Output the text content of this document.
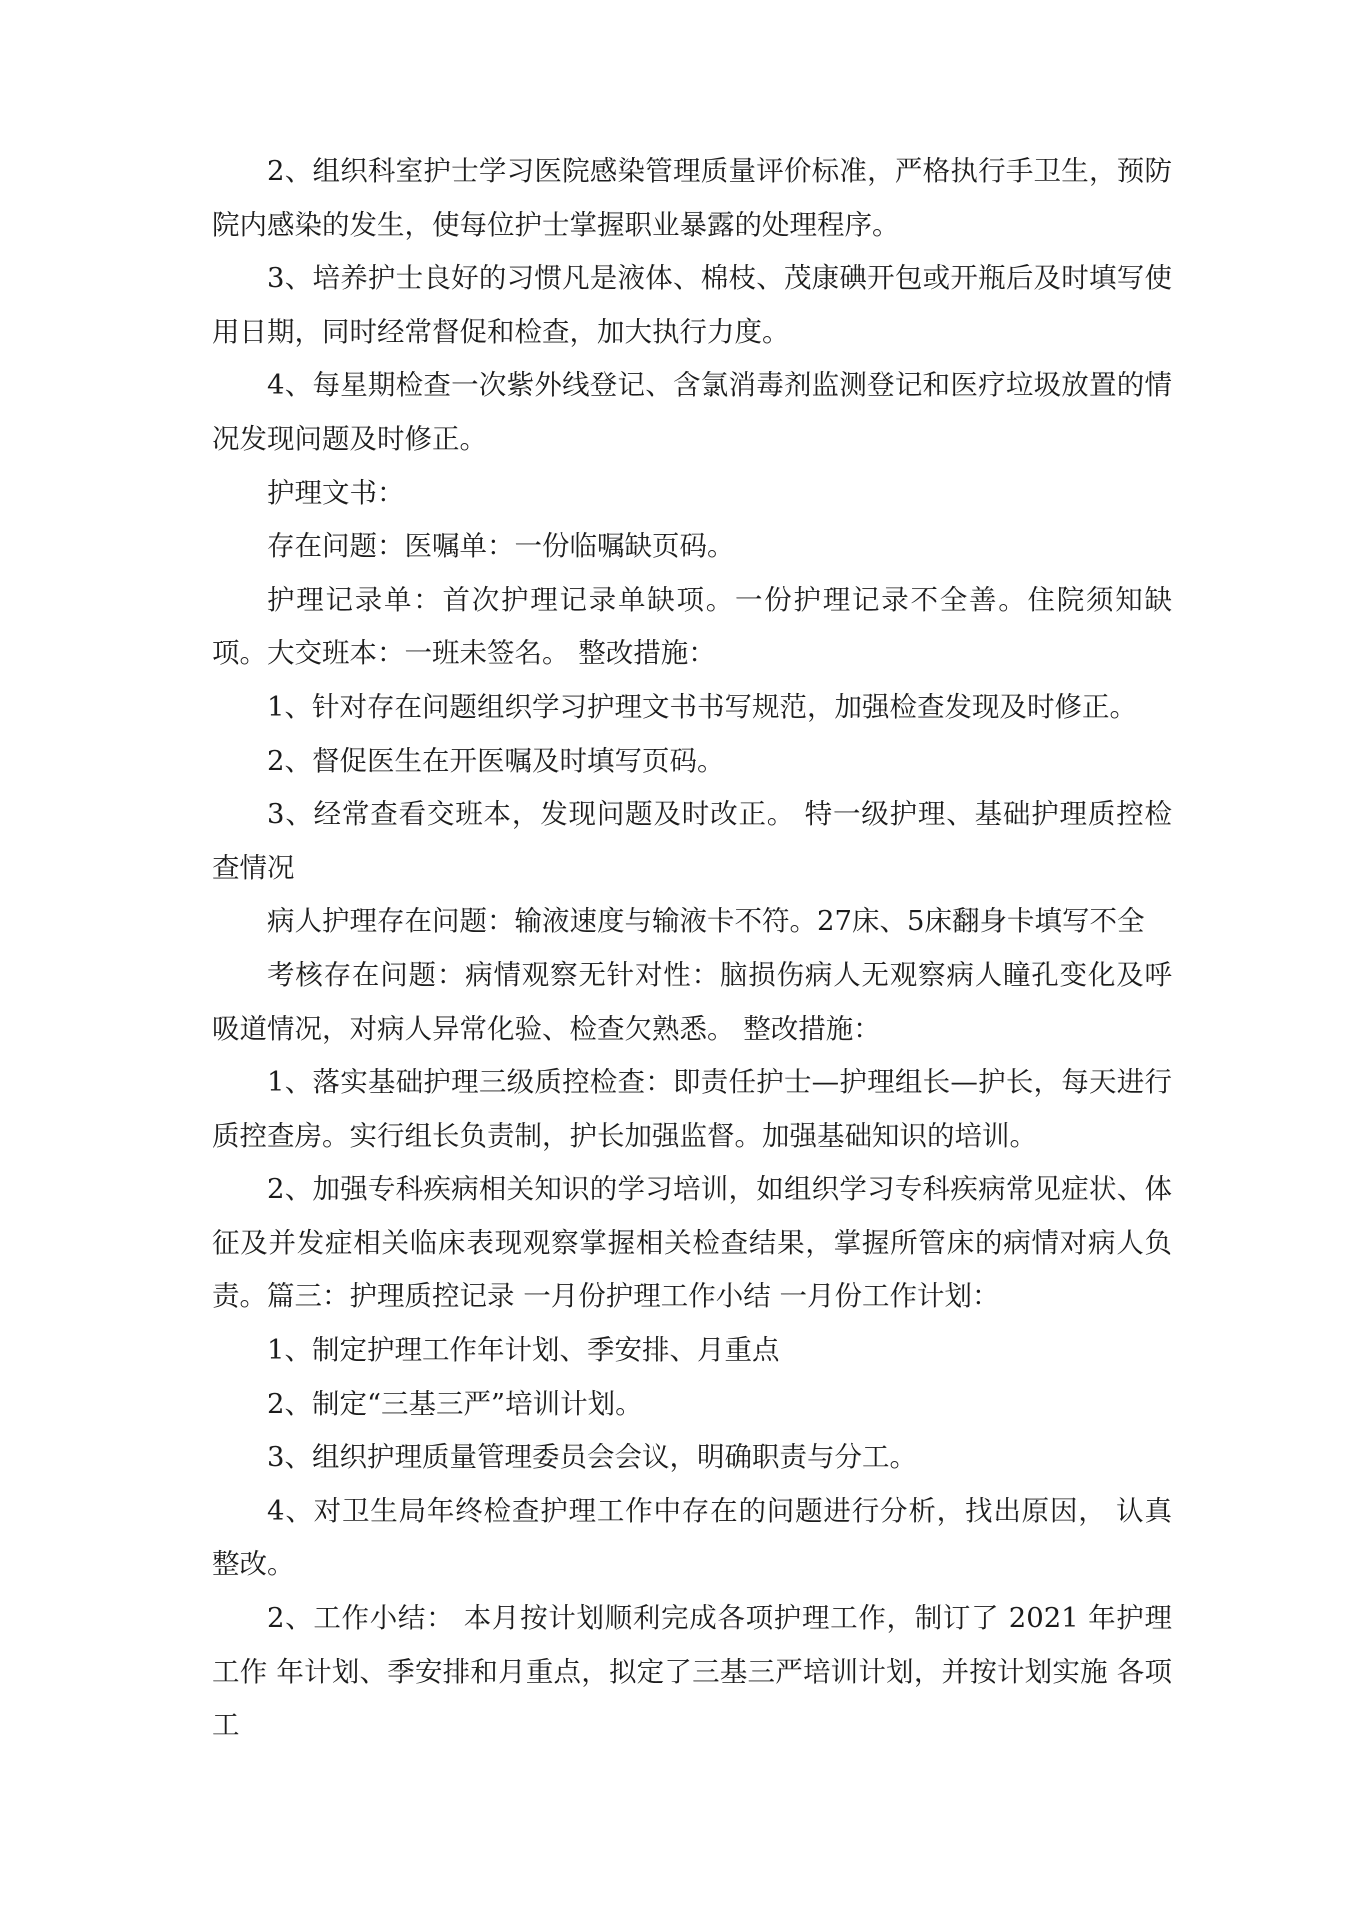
2、组织科室护士学习医院感染管理质量评价标准，严格执行手卫生，预防院内感染的发生，使每位护士掌握职业暴露的处理程序。

3、培养护士良好的习惯凡是液体、棉枝、茂康碘开包或开瓶后及时填写使用日期，同时经常督促和检查，加大执行力度。

4、每星期检查一次紫外线登记、含氯消毒剂监测登记和医疗垃圾放置的情况发现问题及时修正。

护理文书：

存在问题：医嘱单：一份临嘱缺页码。

护理记录单：首次护理记录单缺项。一份护理记录不全善。住院须知缺项。大交班本：一班未签名。 整改措施：

1、针对存在问题组织学习护理文书书写规范，加强检查发现及时修正。

2、督促医生在开医嘱及时填写页码。

3、经常查看交班本，发现问题及时改正。 特一级护理、基础护理质控检查情况

病人护理存在问题：输液速度与输液卡不符。27床、5床翻身卡填写不全

考核存在问题：病情观察无针对性：脑损伤病人无观察病人瞳孔变化及呼吸道情况，对病人异常化验、检查欠熟悉。 整改措施：

1、落实基础护理三级质控检查：即责任护士—护理组长—护长，每天进行质控查房。实行组长负责制，护长加强监督。加强基础知识的培训。

2、加强专科疾病相关知识的学习培训，如组织学习专科疾病常见症状、体征及并发症相关临床表现观察掌握相关检查结果，掌握所管床的病情对病人负责。篇三：护理质控记录 一月份护理工作小结 一月份工作计划：

1、制定护理工作年计划、季安排、月重点

2、制定“三基三严”培训计划。

3、组织护理质量管理委员会会议，明确职责与分工。

4、对卫生局年终检查护理工作中存在的问题进行分析，找出原因， 认真整改。

2、工作小结： 本月按计划顺利完成各项护理工作，制订了 2021 年护理工作 年计划、季安排和月重点，拟定了三基三严培训计划，并按计划实施 各项工
